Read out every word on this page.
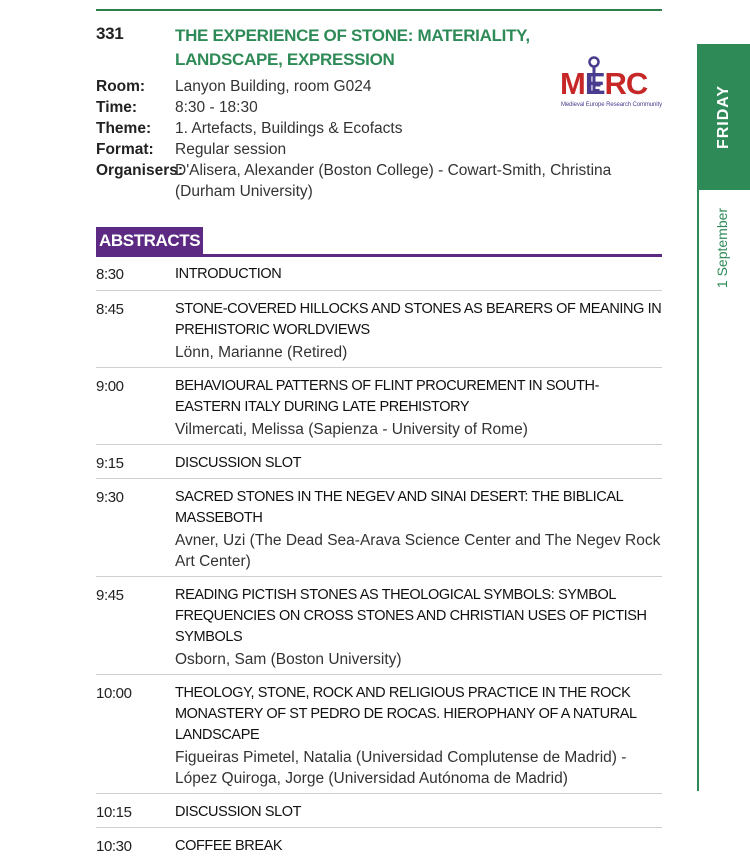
331	THE EXPERIENCE OF STONE: MATERIALITY, LANDSCAPE, EXPRESSION
Room:	Lanyon Building, room G024
Time:	8:30 - 18:30
Theme:	1. Artefacts, Buildings & Ecofacts
Format:	Regular session
Organisers:
D'Alisera, Alexander (Boston College) - Cowart-Smith, Christina (Durham University)
MERC
Medieval Europe Research Community
ABSTRACTS
8:30	INTRODUCTION
8:45	STONE-COVERED HILLOCKS AND STONES AS BEARERS OF MEANING IN PREHISTORIC WORLDVIEWS
Lönn, Marianne (Retired)
9:00	BEHAVIOURAL PATTERNS OF FLINT PROCUREMENT IN SOUTH-EASTERN ITALY DURING LATE PREHISTORY
Vilmercati, Melissa (Sapienza - University of Rome)
9:15	DISCUSSION SLOT
9:30	SACRED STONES IN THE NEGEV AND SINAI DESERT: THE BIBLICAL MASSEBOTH
Avner, Uzi (The Dead Sea-Arava Science Center and The Negev Rock Art Center)
9:45	READING PICTISH STONES AS THEOLOGICAL SYMBOLS: SYMBOL FREQUENCIES ON CROSS STONES AND CHRISTIAN USES OF PICTISH SYMBOLS
Osborn, Sam (Boston University)
10:00	THEOLOGY, STONE, ROCK AND RELIGIOUS PRACTICE IN THE ROCK MONASTERY OF ST PEDRO DE ROCAS. HIEROPHANY OF A NATURAL LANDSCAPE
Figueiras Pimetel, Natalia (Universidad Complutense de Madrid) - López Quiroga, Jorge (Universidad Autónoma de Madrid)
10:15	DISCUSSION SLOT
10:30	COFFEE BREAK
FRIDAY
1 September
